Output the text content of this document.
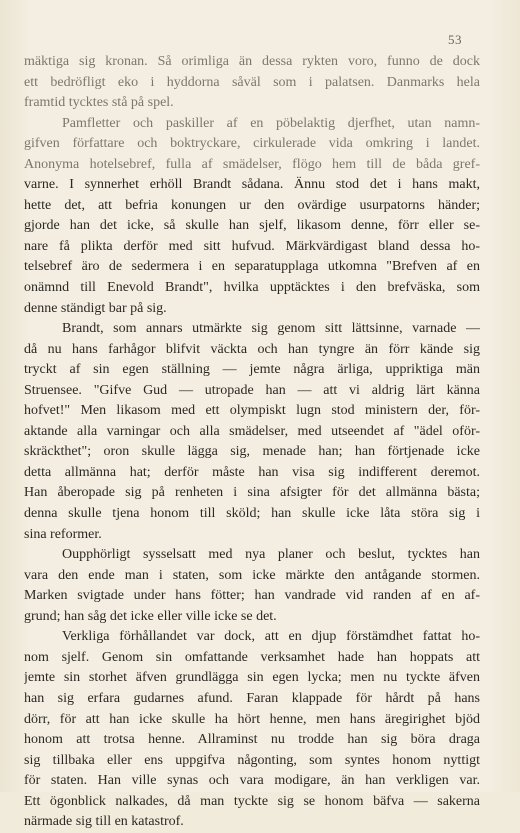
53
mäktiga sig kronan. Så orimliga än dessa rykten voro, funno de dock
ett bedröfligt eko i hyddorna såväl som i palatsen. Danmarks hela
framtid tycktes stå på spel.
Pamfletter och paskiller af en pöbelaktig djerfhet, utan namn-
gifven författare och boktryckare, cirkulerade vida omkring i landet.
Anonyma hotelsebref, fulla af smädelser, flögo hem till de båda gref-
varne. I synnerhet erhöll Brandt sådana. Ännu stod det i hans makt,
hette det, att befria konungen ur den ovärdige usurpatorns händer;
gjorde han det icke, så skulle han sjelf, likasom denne, förr eller se-
nare få plikta derför med sitt hufvud. Märkvärdigast bland dessa ho-
telsebref äro de sedermera i en separatupplaga utkomna "Brefven af en
onämnd till Enevold Brandt", hvilka upptäcktes i den brefväska, som
denne ständigt bar på sig.
Brandt, som annars utmärkte sig genom sitt lättsinne, varnade —
då nu hans farhågor blifvit väckta och han tyngre än förr kände sig
tryckt af sin egen ställning — jemte några ärliga, uppriktiga män
Struensee. "Gifve Gud — utropade han — att vi aldrig lärt känna
hofvet!" Men likasom med ett olympiskt lugn stod ministern der, för-
aktande alla varningar och alla smädelser, med utseendet af "ädel oför-
skräckthet"; oron skulle lägga sig, menade han; han förtjenade icke
detta allmänna hat; derför måste han visa sig indifferent deremot.
Han åberopade sig på renheten i sina afsigter för det allmänna bästa;
denna skulle tjena honom till sköld; han skulle icke låta störa sig i
sina reformer.
Oupphörligt sysselsatt med nya planer och beslut, tycktes han
vara den ende man i staten, som icke märkte den antågande stormen.
Marken svigtade under hans fötter; han vandrade vid randen af en af-
grund; han såg det icke eller ville icke se det.
Verkliga förhållandet var dock, att en djup förstämdhet fattat ho-
nom sjelf. Genom sin omfattande verksamhet hade han hoppats att
jemte sin storhet äfven grundlägga sin egen lycka; men nu tyckte äfven
han sig erfara gudarnes afund. Faran klappade för hårdt på hans
dörr, för att han icke skulle ha hört henne, men hans äregirighet bjöd
honom att trotsa henne. Allraminst nu trodde han sig böra draga
sig tillbaka eller ens uppgifva någonting, som syntes honom nyttigt
för staten. Han ville synas och vara modigare, än han verkligen var.
Ett ögonblick nalkades, då man tyckte sig se honom bäfva — sakerna
närmade sig till en katastrof.
